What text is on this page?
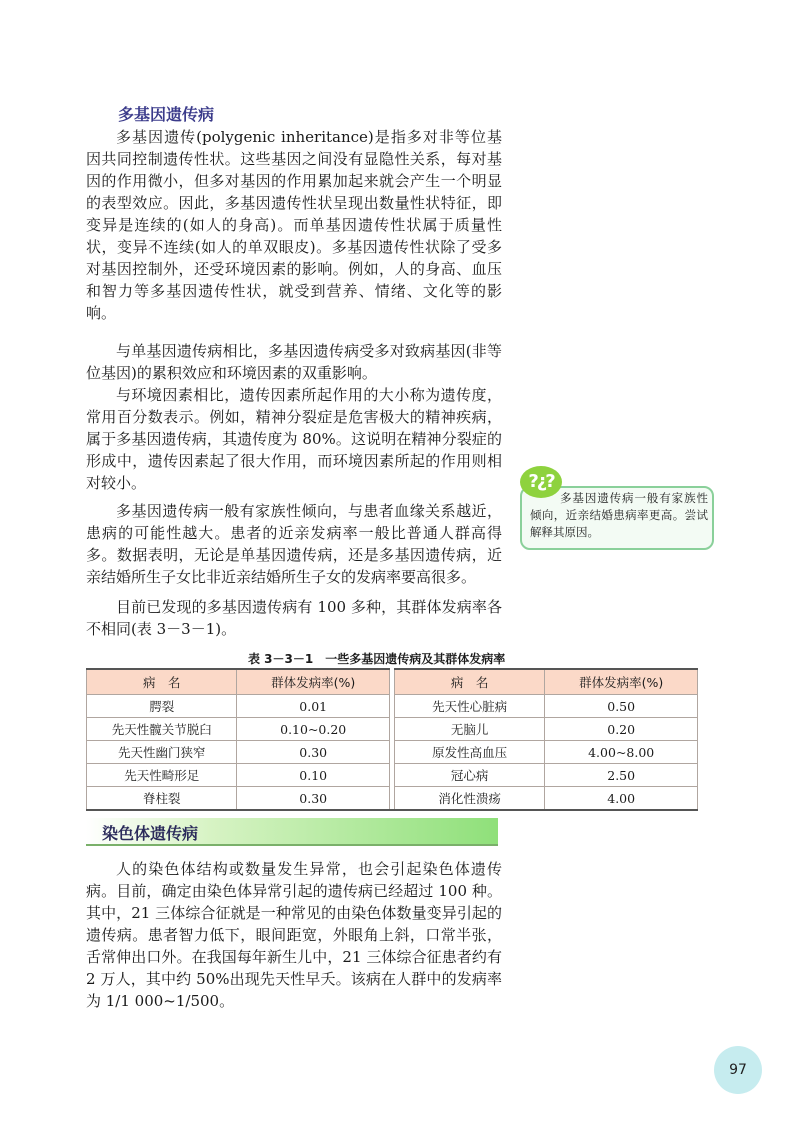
多基因遗传病

多基因遗传(polygenic inheritance)是指多对非等位基因共同控制遗传性状。这些基因之间没有显隐性关系，每对基因的作用微小，但多对基因的作用累加起来就会产生一个明显的表型效应。因此，多基因遗传性状呈现出数量性状特征，即变异是连续的(如人的身高)。而单基因遗传性状属于质量性状，变异不连续(如人的单双眼皮)。多基因遗传性状除了受多对基因控制外，还受环境因素的影响。例如，人的身高、血压和智力等多基因遗传性状，就受到营养、情绪、文化等的影响。

与单基因遗传病相比，多基因遗传病受多对致病基因(非等位基因)的累积效应和环境因素的双重影响。

与环境因素相比，遗传因素所起作用的大小称为遗传度，常用百分数表示。例如，精神分裂症是危害极大的精神疾病，属于多基因遗传病，其遗传度为 80%。这说明在精神分裂症的形成中，遗传因素起了很大作用，而环境因素所起的作用则相对较小。

多基因遗传病一般有家族性倾向，与患者血缘关系越近，患病的可能性越大。患者的近亲发病率一般比普通人群高得多。数据表明，无论是单基因遗传病，还是多基因遗传病，近亲结婚所生子女比非近亲结婚所生子女的发病率要高很多。

目前已发现的多基因遗传病有 100 多种，其群体发病率各不相同(表 3－3－1)。

?¿?

多基因遗传病一般有家族性倾向，近亲结婚患病率更高。尝试解释其原因。

表 3－3－1　一些多基因遗传病及其群体发病率

病　名	群体发病率(%)		病　名	群体发病率(%)
腭裂	0.01		先天性心脏病	0.50
先天性髋关节脱臼	0.10~0.20		无脑儿	0.20
先天性幽门狭窄	0.30		原发性高血压	4.00~8.00
先天性畸形足	0.10		冠心病	2.50
脊柱裂	0.30		消化性溃疡	4.00
染色体遗传病

人的染色体结构或数量发生异常，也会引起染色体遗传病。目前，确定由染色体异常引起的遗传病已经超过 100 种。其中，21 三体综合征就是一种常见的由染色体数量变异引起的遗传病。患者智力低下，眼间距宽，外眼角上斜，口常半张，舌常伸出口外。在我国每年新生儿中，21 三体综合征患者约有 2 万人，其中约 50%出现先天性早夭。该病在人群中的发病率为 1/1 000~1/500。

97
